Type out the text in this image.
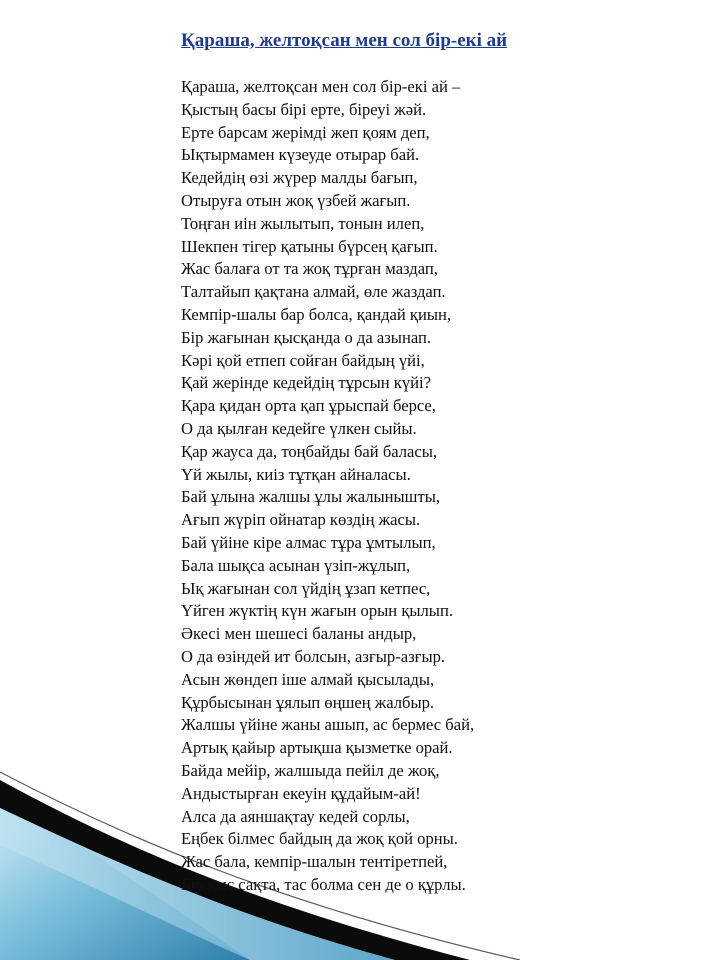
Қараша, желтоқсан мен сол бір-екі ай
Қараша, желтоқсан мен сол бір-екі ай –
Қыстың басы бірі ерте, біреуі жәй.
Ерте барсам жерімді жеп қоям деп,
Ықтырмамен күзеуде отырар бай.
Кедейдің өзі жүрер малды бағып,
Отыруға отын жоқ үзбей жағып.
Тоңған иін жылытып, тонын илеп,
Шекпен тігер қатыны бүрсең қағып.
Жас балаға от та жоқ тұрған маздап,
Талтайып қақтана алмай, өле жаздап.
Кемпір-шалы бар болса, қандай қиын,
Бір жағынан қысқанда о да азынап.
Кәрі қой етпеп сойған байдың үйі,
Қай жерінде кедейдің тұрсын күйі?
Қара қидан орта қап ұрыспай берсе,
О да қылған кедейге үлкен сыйы.
Қар жауса да, тоңбайды бай баласы,
Үй жылы, киіз тұтқан айналасы.
Бай ұлына жалшы ұлы жалынышты,
Ағып жүріп ойнатар көздің жасы.
Бай үйіне кіре алмас тұра ұмтылып,
Бала шықса асынан үзіп-жұлып,
Ық жағынан сол үйдің ұзап кетпес,
Үйген жүктің күн жағын орын қылып.
Әкесі мен шешесі баланы андыр,
О да өзіндей ит болсын, азғыр-азғыр.
Асын жөндеп іше алмай қысылады,
Құрбысынан ұялып өңшең жалбыр.
Жалшы үйіне жаны ашып, ас бермес бай,
Артық қайыр артықша қызметке орай.
Байда мейір, жалшыда пейіл де жоқ,
Андыстырған екеуін құдайым-ай!
Алса да аяншақтау кедей сорлы,
Еңбек білмес байдың да жоқ қой орны.
Жас бала, кемпір-шалын тентіретпей,
Бір қыс сақта, тас болма сен де о құрлы.
